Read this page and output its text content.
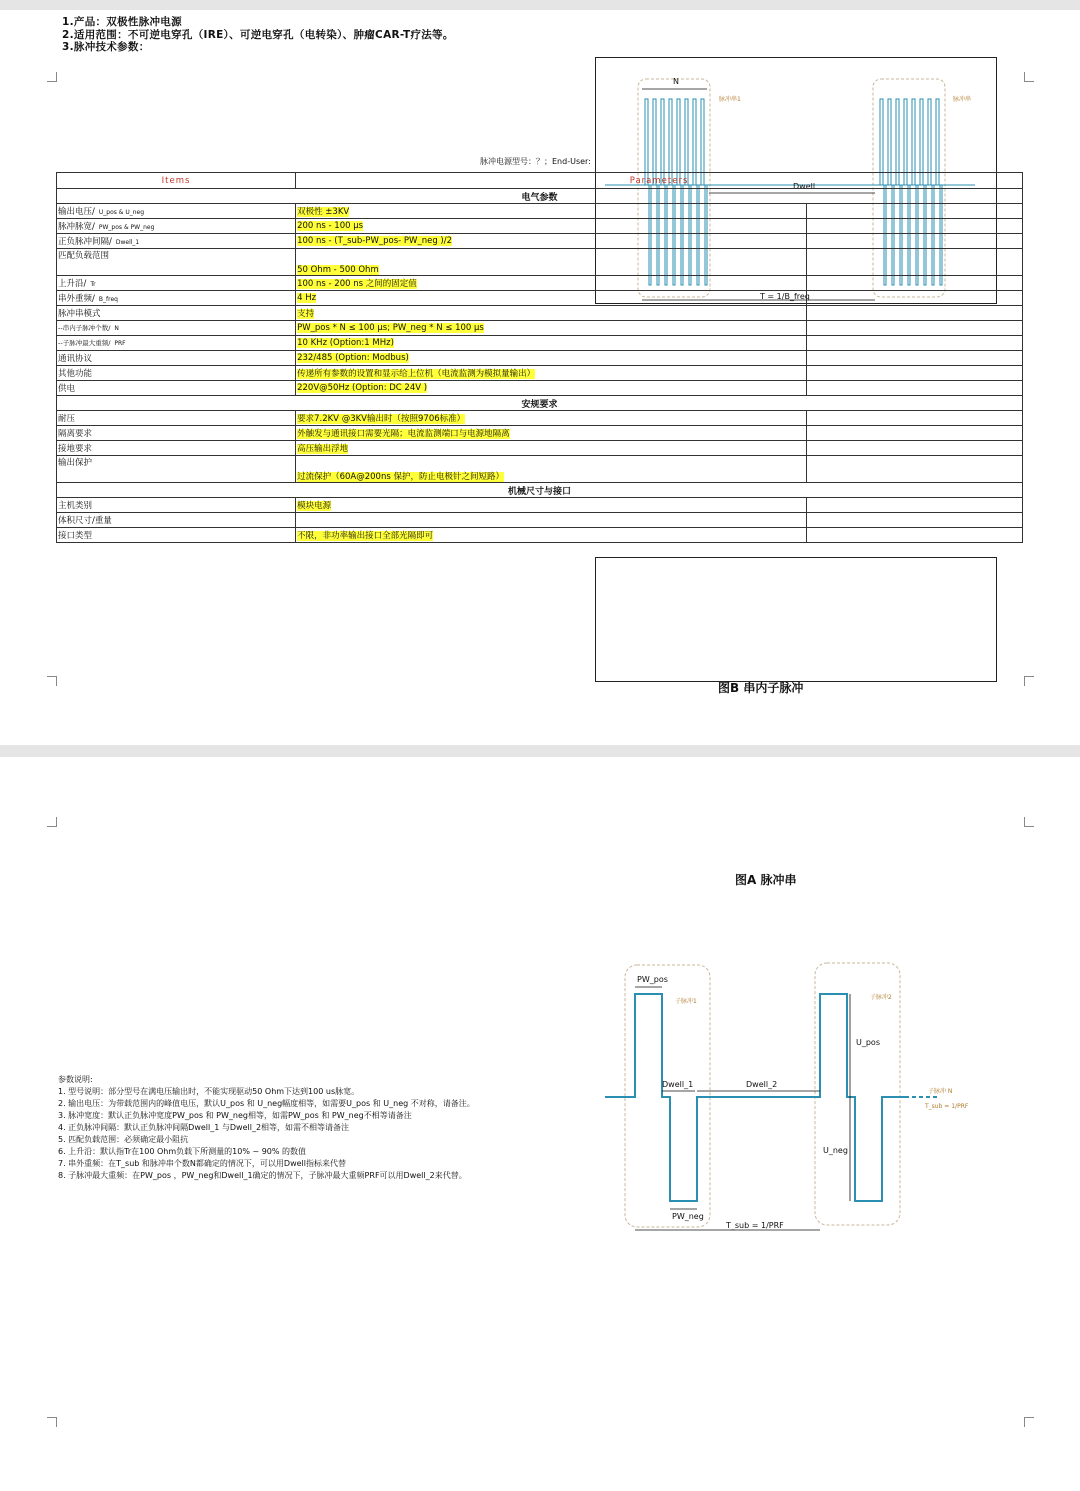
1.产品：双极性脉冲电源
2.适用范围：不可逆电穿孔（IRE）、可逆电穿孔（电转染）、肿瘤CAR-T疗法等。
3.脉冲技术参数：
N
脉冲串1	脉冲串
Dwell
T = 1/B_freq
脉冲电源型号：？；End-User:
Items	Parameters	
电气参数		
输出电压/ U_pos & U_neg	双极性 ±3KV	
脉冲脉宽/ PW_pos & PW_neg	200 ns - 100 μs	
正负脉冲间隔/ Dwell_1	100 ns - (T_sub-PW_pos- PW_neg )/2	
匹配负载范围	50 Ohm - 500 Ohm	
上升沿/ Tr	100 ns - 200 ns 之间的固定值	
串外重频/ B_freq	4 Hz	
脉冲串模式	支持	
--串内子脉冲个数/ N	PW_pos * N ≤ 100 μs; PW_neg * N ≤ 100 μs	
--子脉冲最大重频/ PRF	10 KHz (Option:1 MHz)	
通讯协议	232/485 (Option: Modbus)	
其他功能	传递所有参数的设置和显示给上位机（电流监测为模拟量输出）	
供电	220V@50Hz (Option: DC 24V )	
安规要求		
耐压	要求7.2KV @3KV输出时（按照9706标准）	
隔离要求	外触发与通讯接口需要光隔；电流监测端口与电源地隔离	
接地要求	高压输出浮地	
输出保护	过流保护（60A@200ns 保护，防止电极针之间短路）	
机械尺寸与接口		
主机类别	模块电源	
体积尺寸/重量		
接口类型	不限，非功率输出接口全部光隔即可	
图B 串内子脉冲
图A 脉冲串
参数说明:
1. 型号说明：部分型号在满电压输出时，不能实现驱动50 Ohm下达到100 us脉宽。
2. 输出电压：为带载范围内的峰值电压，默认U_pos 和 U_neg幅度相等，如需要U_pos 和 U_neg 不对称，请备注。
3. 脉冲宽度：默认正负脉冲宽度PW_pos 和 PW_neg相等，如需PW_pos 和 PW_neg不相等请备注
4. 正负脉冲间隔：默认正负脉冲间隔Dwell_1 与Dwell_2相等，如需不相等请备注
5. 匹配负载范围：必须确定最小阻抗
6. 上升沿：默认指Tr在100 Ohm负载下所测量的10% ~ 90% 的数值
7. 串外重频：在T_sub 和脉冲串个数N都确定的情况下，可以用Dwell指标来代替
8. 子脉冲最大重频：在PW_pos ，PW_neg和Dwell_1确定的情况下，子脉冲最大重频PRF可以用Dwell_2来代替。
PW_pos
子脉冲1
子脉冲2
子脉冲 N
T_sub = 1/PRF
Dwell_1	Dwell_2
U_pos
U_neg
PW_neg
T_sub = 1/PRF
